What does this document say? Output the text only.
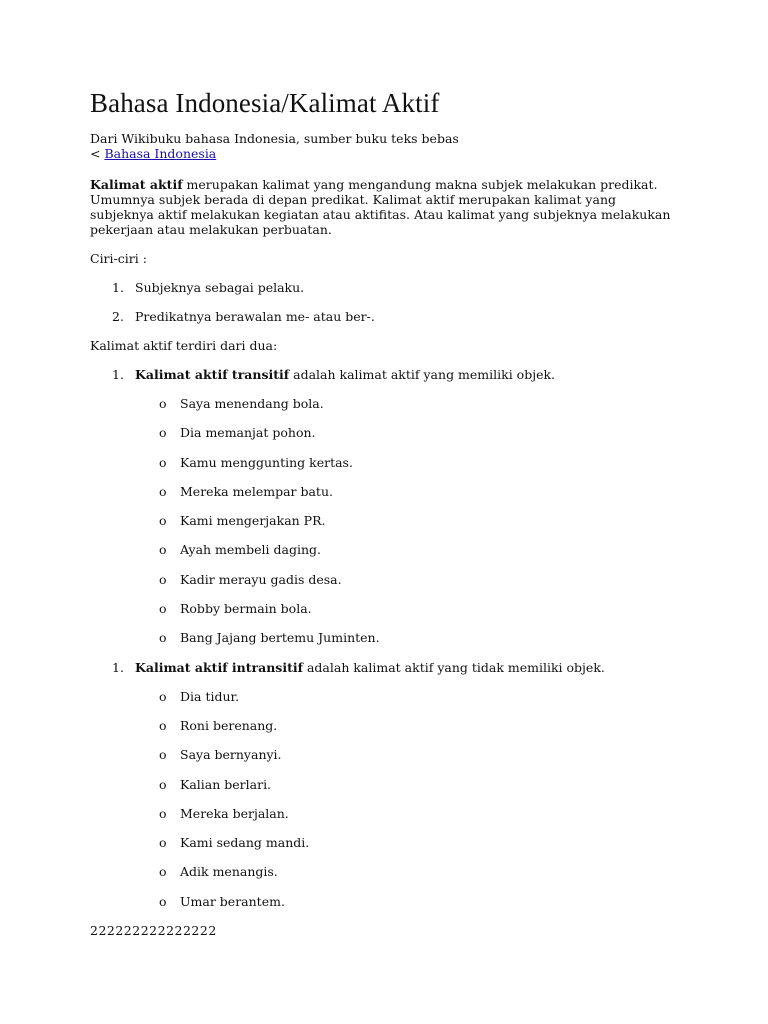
Bahasa Indonesia/Kalimat Aktif

Dari Wikibuku bahasa Indonesia, sumber buku teks bebas

< Bahasa Indonesia

Kalimat aktif merupakan kalimat yang mengandung makna subjek melakukan predikat. Umumnya subjek berada di depan predikat. Kalimat aktif merupakan kalimat yang subjeknya aktif melakukan kegiatan atau aktifitas. Atau kalimat yang subjeknya melakukan pekerjaan atau melakukan perbuatan.

Ciri-ciri :

1. Subjeknya sebagai pelaku.
2. Predikatnya berawalan me- atau ber-.

Kalimat aktif terdiri dari dua:

1. Kalimat aktif transitif adalah kalimat aktif yang memiliki objek.

o Saya menendang bola.
o Dia memanjat pohon.
o Kamu menggunting kertas.
o Mereka melempar batu.
o Kami mengerjakan PR.
o Ayah membeli daging.
o Kadir merayu gadis desa.
o Robby bermain bola.
o Bang Jajang bertemu Juminten.
1. Kalimat aktif intransitif adalah kalimat aktif yang tidak memiliki objek.

o Dia tidur.
o Roni berenang.
o Saya bernyanyi.
o Kalian berlari.
o Mereka berjalan.
o Kami sedang mandi.
o Adik menangis.
o Umar berantem.

222222222222222
